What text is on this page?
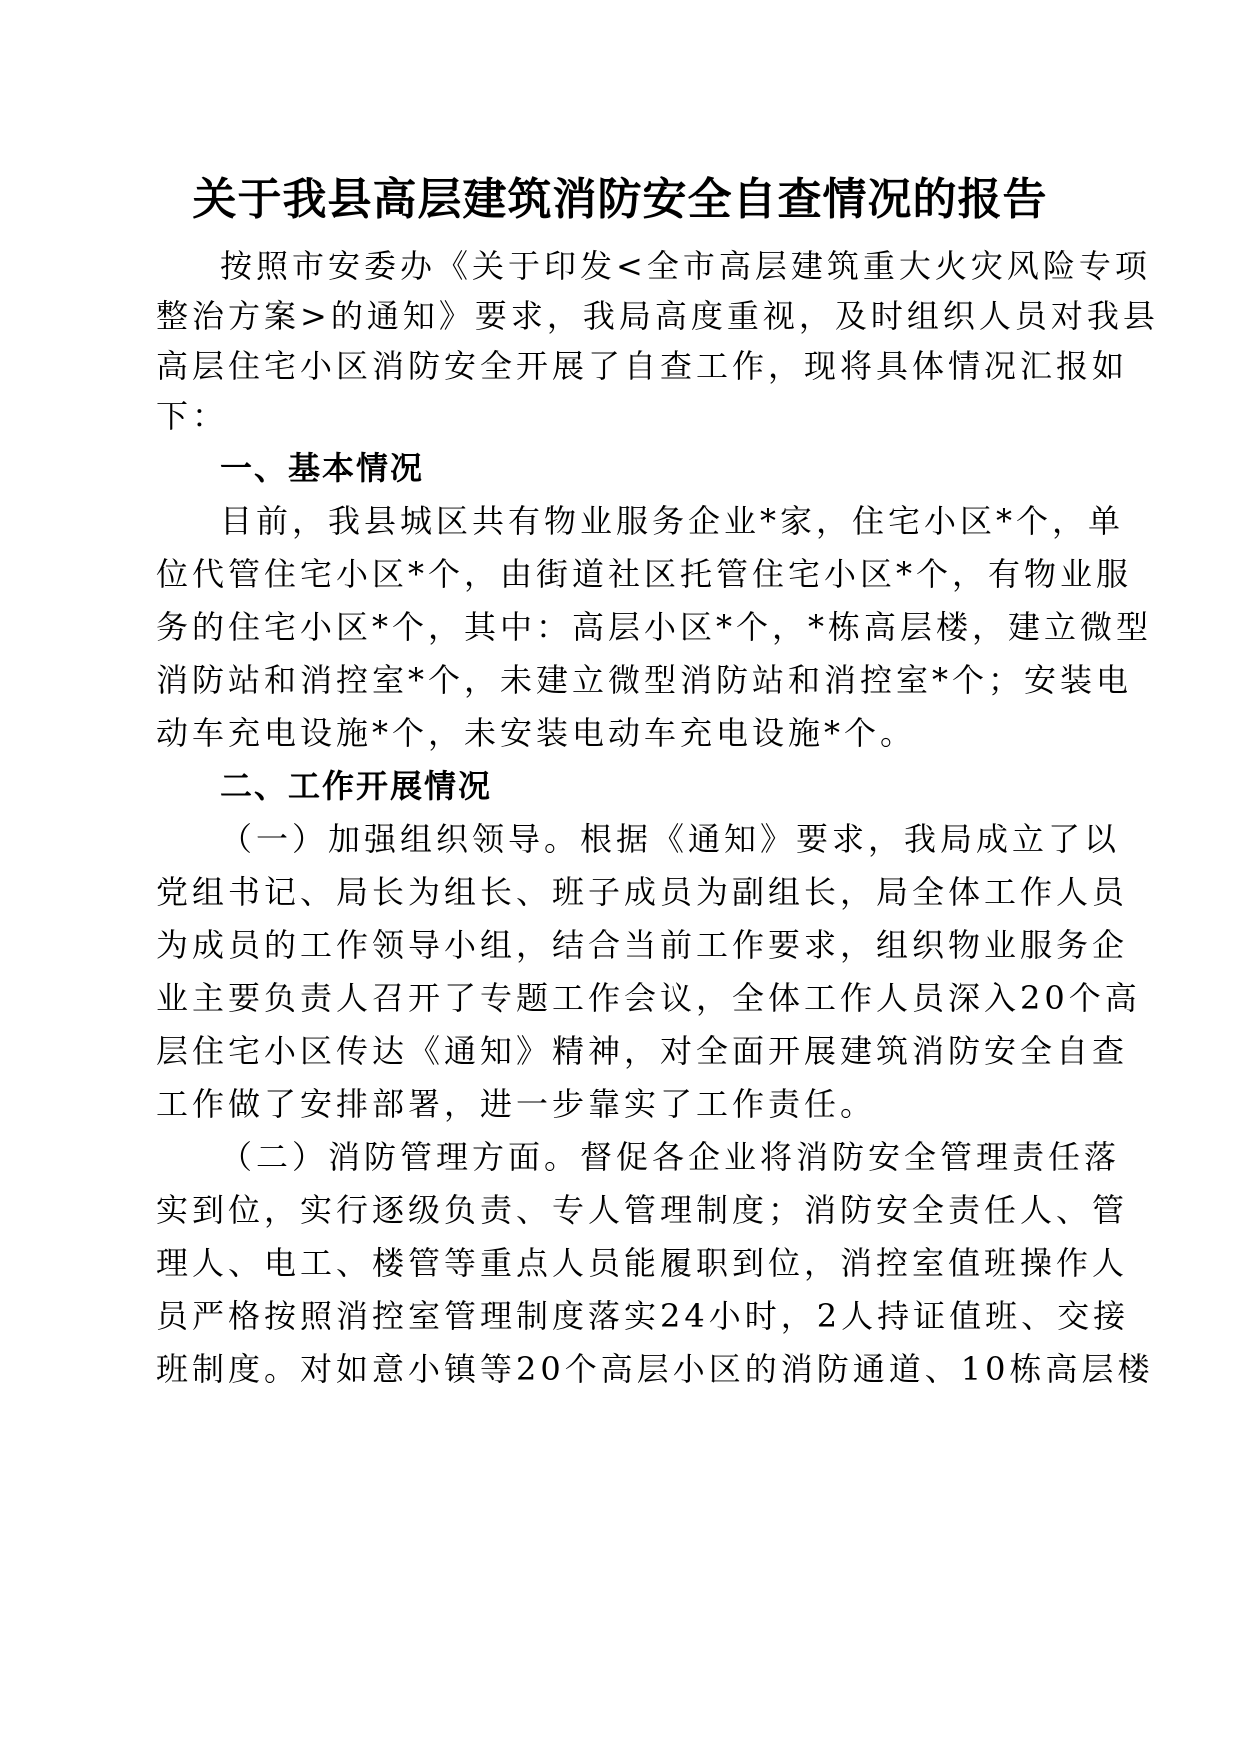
关于我县高层建筑消防安全自查情况的报告

按照市安委办《关于印发<全市高层建筑重大火灾风险专项

整治方案>的通知》要求，我局高度重视，及时组织人员对我县

高层住宅小区消防安全开展了自查工作，现将具体情况汇报如

下：

一、基本情况

目前，我县城区共有物业服务企业*家，住宅小区*个，单

位代管住宅小区*个，由街道社区托管住宅小区*个，有物业服

务的住宅小区*个，其中：高层小区*个，*栋高层楼，建立微型

消防站和消控室*个，未建立微型消防站和消控室*个；安装电

动车充电设施*个，未安装电动车充电设施*个。

二、工作开展情况

（一）加强组织领导。根据《通知》要求，我局成立了以

党组书记、局长为组长、班子成员为副组长，局全体工作人员

为成员的工作领导小组，结合当前工作要求，组织物业服务企

业主要负责人召开了专题工作会议，全体工作人员深入20个高

层住宅小区传达《通知》精神，对全面开展建筑消防安全自查

工作做了安排部署，进一步靠实了工作责任。

（二）消防管理方面。督促各企业将消防安全管理责任落

实到位，实行逐级负责、专人管理制度；消防安全责任人、管

理人、电工、楼管等重点人员能履职到位，消控室值班操作人

员严格按照消控室管理制度落实24小时，2人持证值班、交接

班制度。对如意小镇等20个高层小区的消防通道、10栋高层楼
